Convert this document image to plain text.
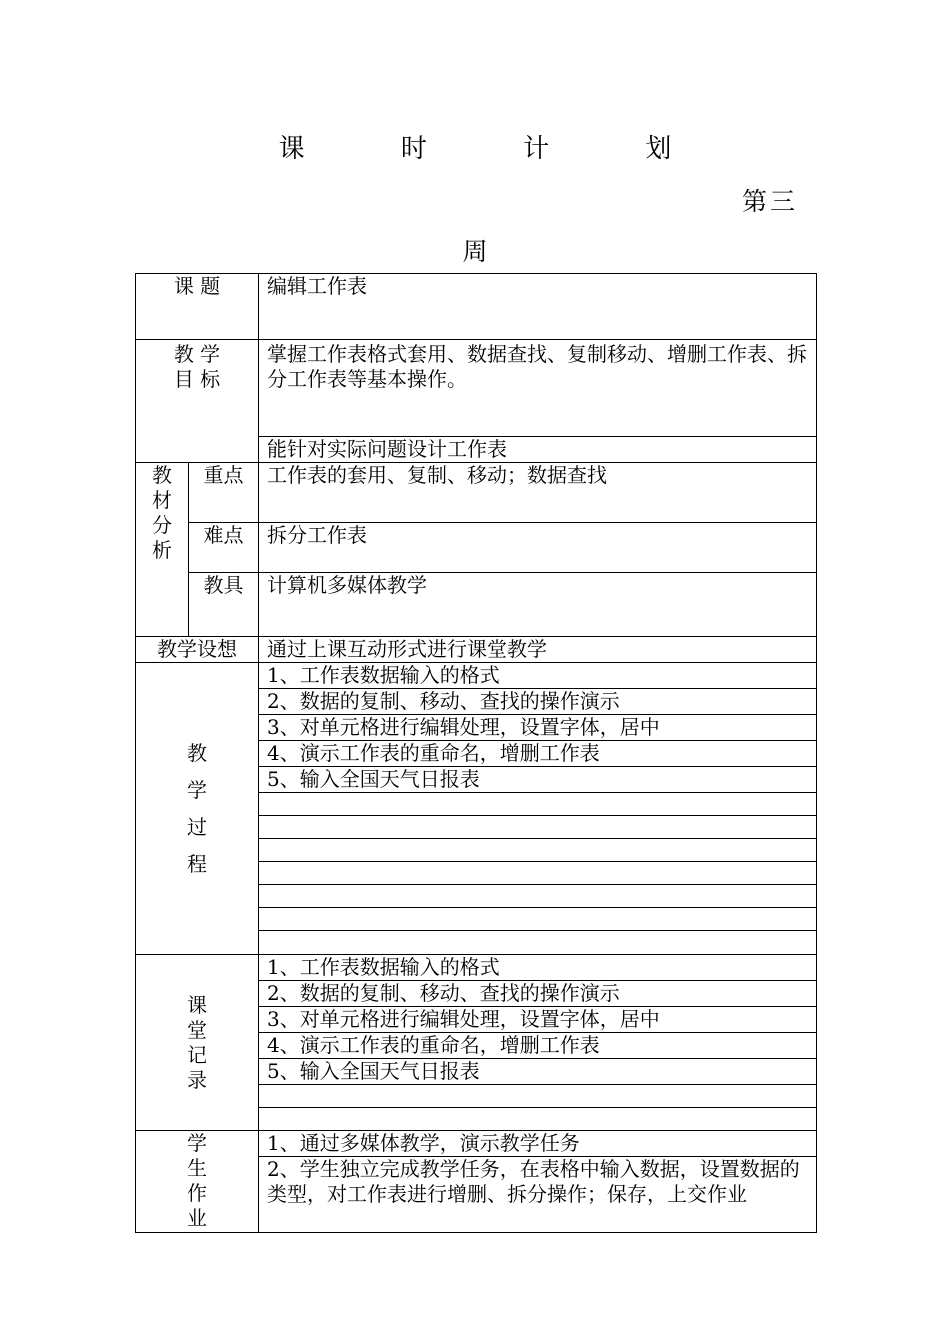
课 时 计 划
第三
周
课 题		编辑工作表

教 学
目 标		掌握工作表格式套用、数据查找、复制移动、增删工作表、拆分工作表等基本操作。
		能针对实际问题设计工作表

教
材
分
析	重点	工作表的套用、复制、移动；数据查找
	难点	拆分工作表
	教具	计算机多媒体教学
教学设想		通过上课互动形式进行课堂教学

教
学
过
程		1、工作表数据输入的格式
		2、数据的复制、移动、查找的操作演示
		3、对单元格进行编辑处理，设置字体，居中
		4、演示工作表的重命名，增删工作表
		5、输入全国天气日报表

课
堂
记
录		1、工作表数据输入的格式
		2、数据的复制、移动、查找的操作演示
		3、对单元格进行编辑处理，设置字体，居中
		4、演示工作表的重命名，增删工作表
		5、输入全国天气日报表

学
生
作
业		1、通过多媒体教学，演示教学任务
		2、学生独立完成教学任务，在表格中输入数据，设置数据的类型，对工作表进行增删、拆分操作；保存，上交作业
